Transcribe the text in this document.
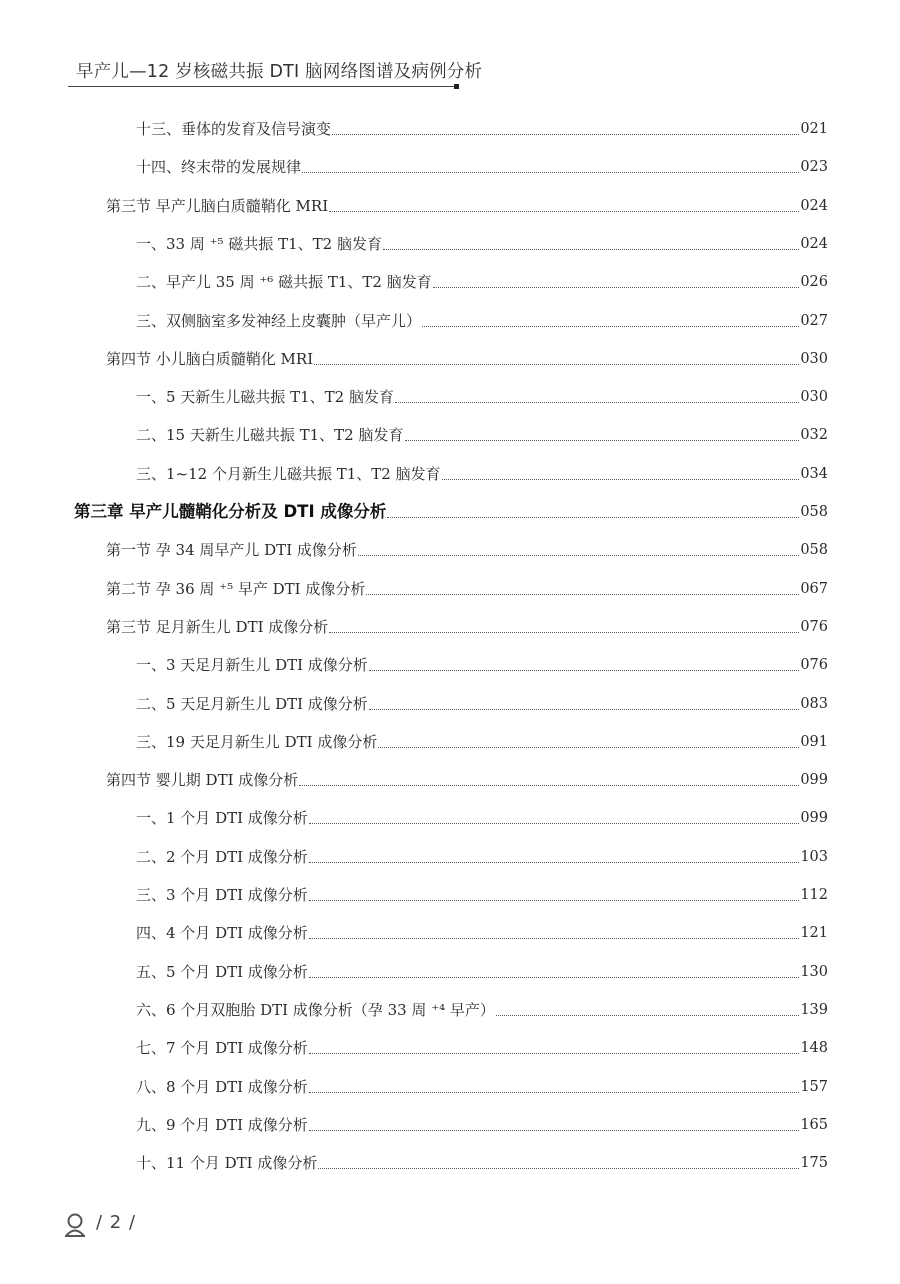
早产儿—12 岁核磁共振 DTI 脑网络图谱及病例分析
十三、垂体的发育及信号演变	021
十四、终末带的发展规律	023
第三节 早产儿脑白质髓鞘化 MRI	024
一、33 周 ⁺⁵ 磁共振 T1、T2 脑发育	024
二、早产儿 35 周 ⁺⁶ 磁共振 T1、T2 脑发育	026
三、双侧脑室多发神经上皮囊肿（早产儿）	027
第四节 小儿脑白质髓鞘化 MRI	030
一、5 天新生儿磁共振 T1、T2 脑发育	030
二、15 天新生儿磁共振 T1、T2 脑发育	032
三、1~12 个月新生儿磁共振 T1、T2 脑发育	034
第三章 早产儿髓鞘化分析及 DTI 成像分析	058
第一节 孕 34 周早产儿 DTI 成像分析	058
第二节 孕 36 周 ⁺⁵ 早产 DTI 成像分析	067
第三节 足月新生儿 DTI 成像分析	076
一、3 天足月新生儿 DTI 成像分析	076
二、5 天足月新生儿 DTI 成像分析	083
三、19 天足月新生儿 DTI 成像分析	091
第四节 婴儿期 DTI 成像分析	099
一、1 个月 DTI 成像分析	099
二、2 个月 DTI 成像分析	103
三、3 个月 DTI 成像分析	112
四、4 个月 DTI 成像分析	121
五、5 个月 DTI 成像分析	130
六、6 个月双胞胎 DTI 成像分析（孕 33 周 ⁺⁴ 早产）	139
七、7 个月 DTI 成像分析	148
八、8 个月 DTI 成像分析	157
九、9 个月 DTI 成像分析	165
十、11 个月 DTI 成像分析	175
/ 2 /
